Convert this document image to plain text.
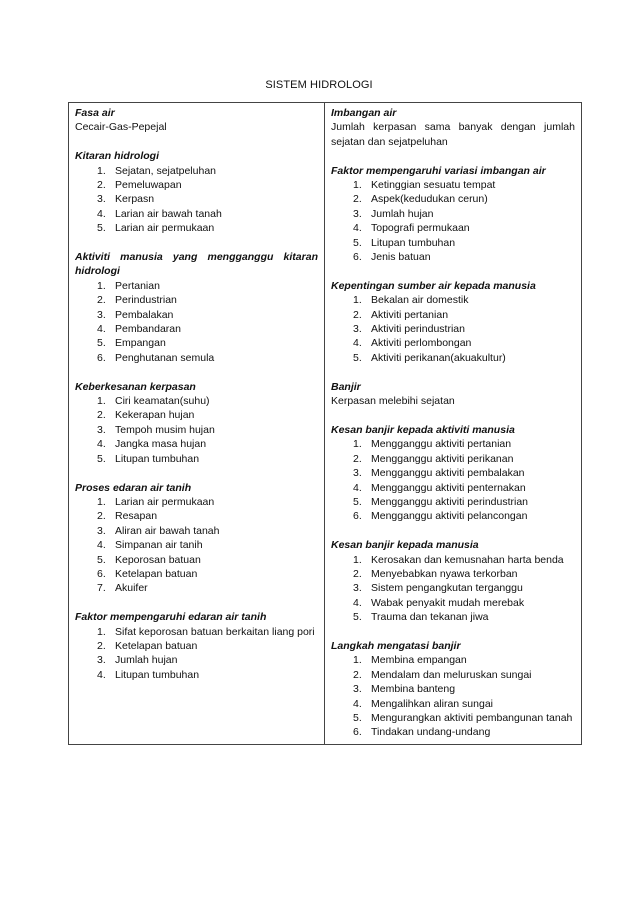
SISTEM HIDROLOGI
Fasa air
Cecair-Gas-Pepejal
Kitaran hidrologi
1. Sejatan, sejatpeluhan
2. Pemeluwapan
3. Kerpasn
4. Larian air bawah tanah
5. Larian air permukaan
Aktiviti manusia yang mengganggu kitaran hidrologi
1. Pertanian
2. Perindustrian
3. Pembalakan
4. Pembandaran
5. Empangan
6. Penghutanan semula
Keberkesanan kerpasan
1. Ciri keamatan(suhu)
2. Kekerapan hujan
3. Tempoh musim hujan
4. Jangka masa hujan
5. Litupan tumbuhan
Proses edaran air tanih
1. Larian air permukaan
2. Resapan
3. Aliran air bawah tanah
4. Simpanan air tanih
5. Keporosan batuan
6. Ketelapan batuan
7. Akuifer
Faktor mempengaruhi edaran air tanih
1. Sifat keporosan batuan berkaitan liang pori
2. Ketelapan batuan
3. Jumlah hujan
4. Litupan tumbuhan

Imbangan air
Jumlah kerpasan sama banyak dengan jumlah sejatan dan sejatpeluhan
Faktor mempengaruhi variasi imbangan air
1. Ketinggian sesuatu tempat
2. Aspek(kedudukan cerun)
3. Jumlah hujan
4. Topografi permukaan
5. Litupan tumbuhan
6. Jenis batuan
Kepentingan sumber air kepada manusia
1. Bekalan air domestik
2. Aktiviti pertanian
3. Aktiviti perindustrian
4. Aktiviti perlombongan
5. Aktiviti perikanan(akuakultur)
Banjir
Kerpasan melebihi sejatan
Kesan banjir kepada aktiviti manusia
1. Mengganggu aktiviti pertanian
2. Mengganggu aktiviti perikanan
3. Mengganggu aktiviti pembalakan
4. Mengganggu aktiviti penternakan
5. Mengganggu aktiviti perindustrian
6. Mengganggu aktiviti pelancongan
Kesan banjir kepada manusia
1. Kerosakan dan kemusnahan harta benda
2. Menyebabkan nyawa terkorban
3. Sistem pengangkutan terganggu
4. Wabak penyakit mudah merebak
5. Trauma dan tekanan jiwa
Langkah mengatasi banjir
1. Membina empangan
2. Mendalam dan meluruskan sungai
3. Membina banteng
4. Mengalihkan aliran sungai
5. Mengurangkan aktiviti pembangunan tanah
6. Tindakan undang-undang
